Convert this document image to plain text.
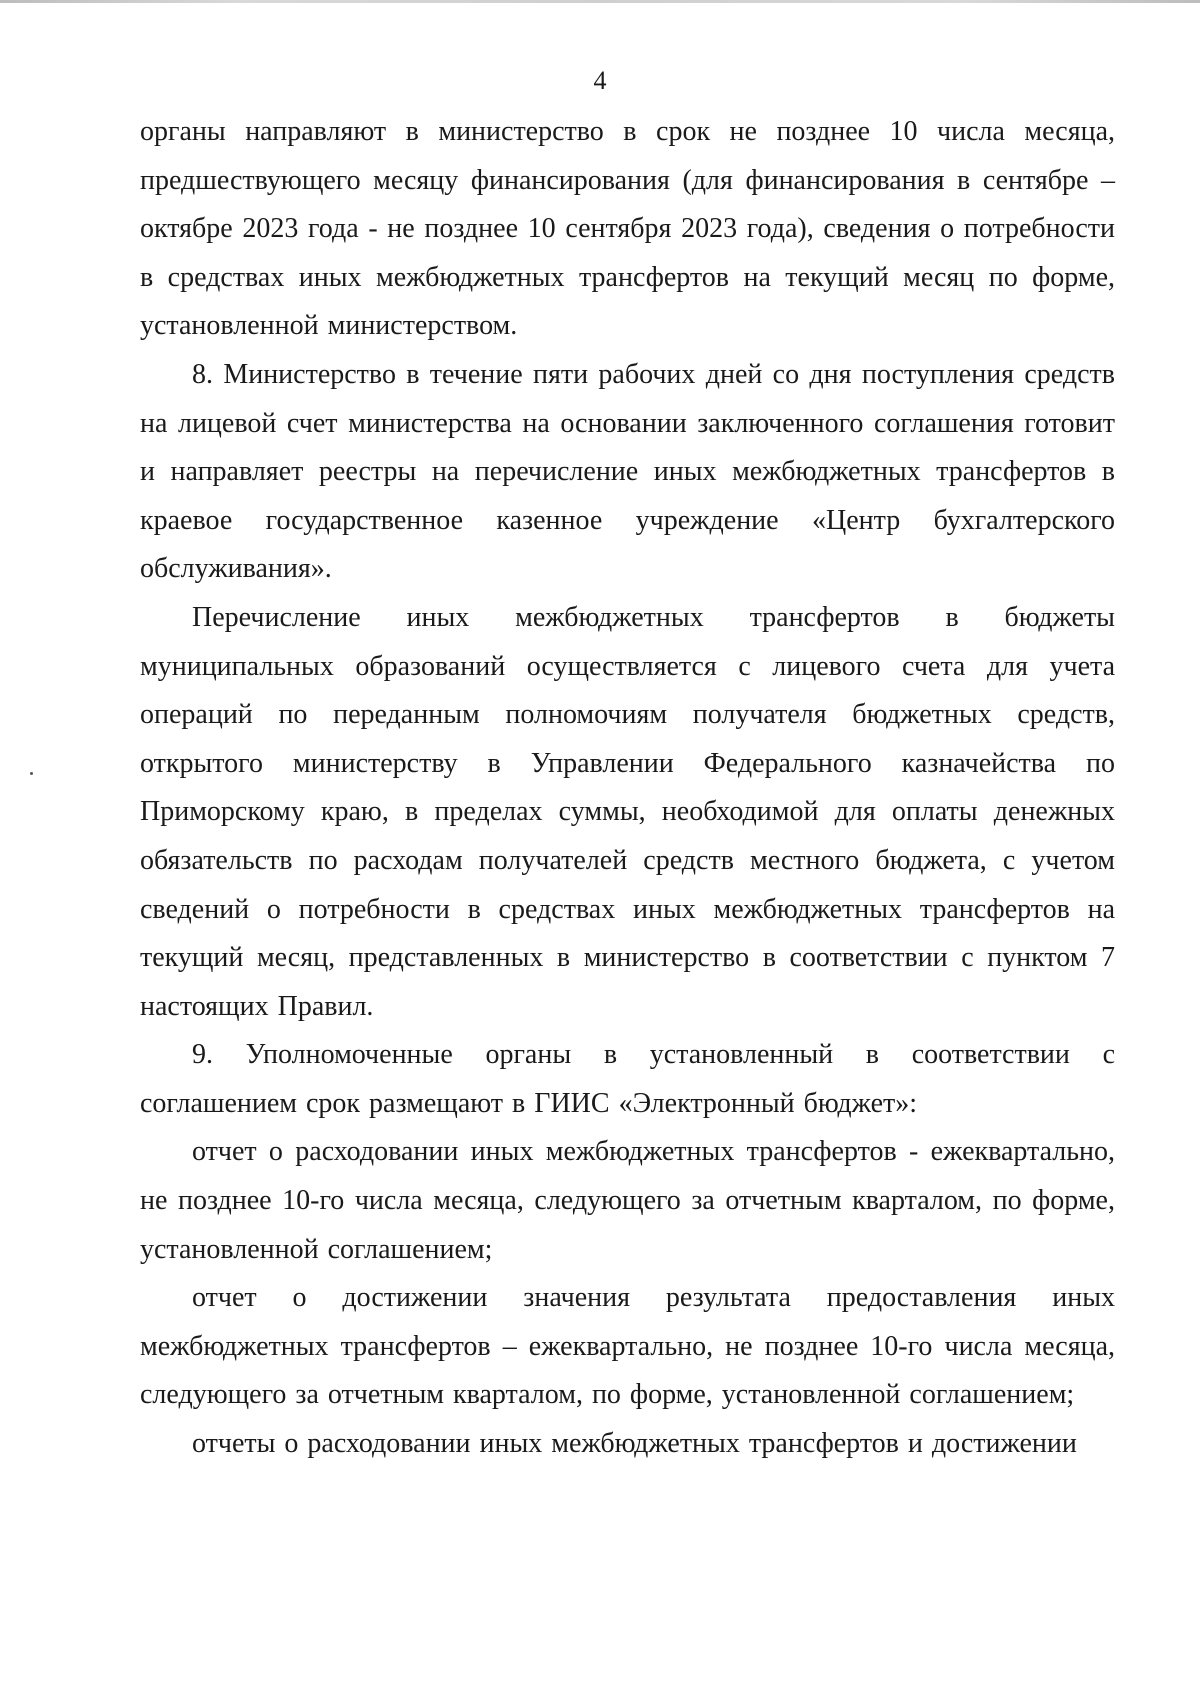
4

органы направляют в министерство в срок не позднее 10 числа месяца, предшествующего месяцу финансирования (для финансирования в сентябре – октябре 2023 года - не позднее 10 сентября 2023 года), сведения о потребности в средствах иных межбюджетных трансфертов на текущий месяц по форме, установленной министерством.

8. Министерство в течение пяти рабочих дней со дня поступления средств на лицевой счет министерства на основании заключенного соглашения готовит и направляет реестры на перечисление иных межбюджетных трансфертов в краевое государственное казенное учреждение «Центр бухгалтерского обслуживания».

Перечисление иных межбюджетных трансфертов в бюджеты муниципальных образований осуществляется с лицевого счета для учета операций по переданным полномочиям получателя бюджетных средств, открытого министерству в Управлении Федерального казначейства по Приморскому краю, в пределах суммы, необходимой для оплаты денежных обязательств по расходам получателей средств местного бюджета, с учетом сведений о потребности в средствах иных межбюджетных трансфертов на текущий месяц, представленных в министерство в соответствии с пунктом 7 настоящих Правил.

9. Уполномоченные органы в установленный в соответствии с соглашением срок размещают в ГИИС «Электронный бюджет»:

отчет о расходовании иных межбюджетных трансфертов - ежеквартально, не позднее 10-го числа месяца, следующего за отчетным кварталом, по форме, установленной соглашением;

отчет о достижении значения результата предоставления иных межбюджетных трансфертов – ежеквартально, не позднее 10-го числа месяца, следующего за отчетным кварталом, по форме, установленной соглашением;

отчеты о расходовании иных межбюджетных трансфертов и достижении
